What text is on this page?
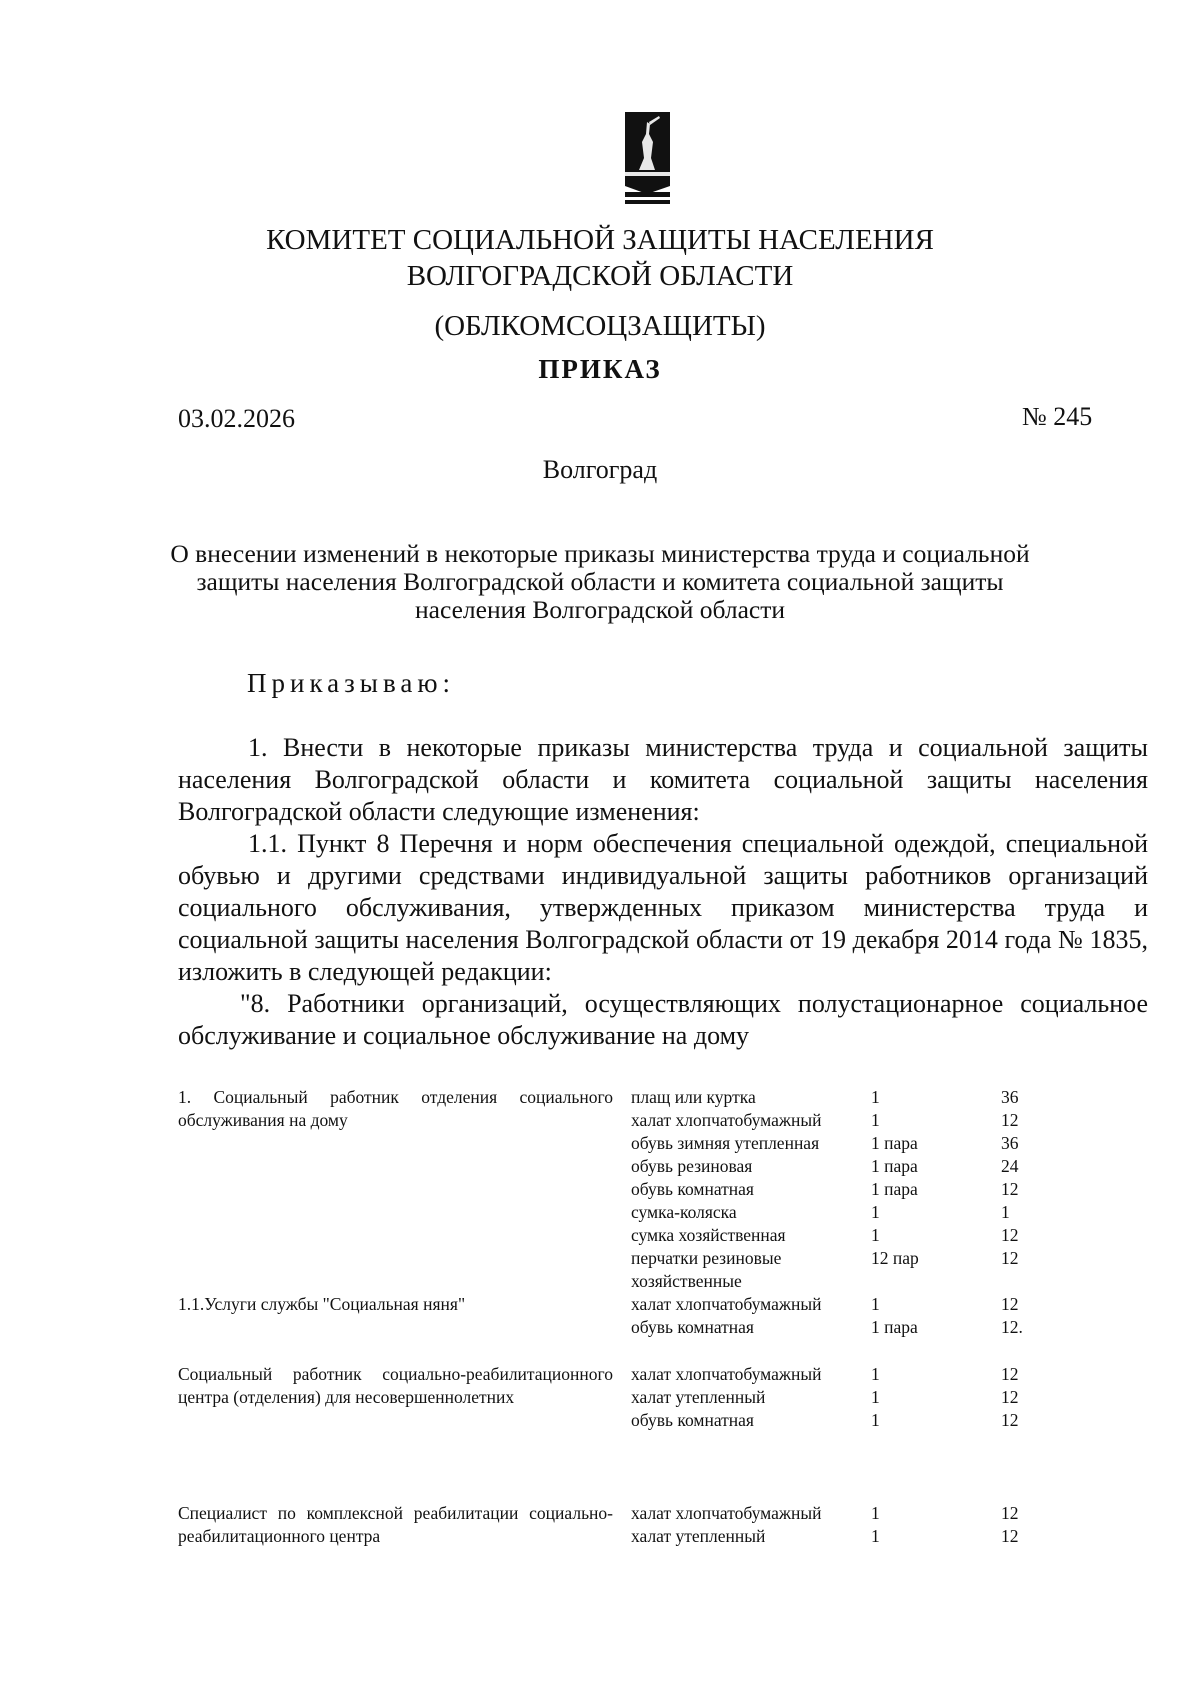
КОМИТЕТ СОЦИАЛЬНОЙ ЗАЩИТЫ НАСЕЛЕНИЯ
ВОЛГОГРАДСКОЙ ОБЛАСТИ
(ОБЛКОМСОЦЗАЩИТЫ)
ПРИКАЗ
03.02.2026	№ 245
Волгоград
О внесении изменений в некоторые приказы министерства труда и социальной
защиты населения Волгоградской области и комитета социальной защиты
населения Волгоградской области
Приказываю:

1. Внести в некоторые приказы министерства труда и социальной защиты населения Волгоградской области и комитета социальной защиты населения Волгоградской области следующие изменения:

1.1. Пункт 8 Перечня и норм обеспечения специальной одеждой, специальной обувью и другими средствами индивидуальной защиты работников организаций социального обслуживания, утвержденных приказом министерства труда и социальной защиты населения Волгоградской области от 19 декабря 2014 года № 1835, изложить в следующей редакции:

"8. Работники организаций, осуществляющих полустационарное социальное обслуживание и социальное обслуживание на дому

1. Социальный работник отделения социального обслуживания на дому	плащ или куртка	1	36
	халат хлопчатобумажный	1	12
	обувь зимняя утепленная	1 пара	36
	обувь резиновая	1 пара	24
	обувь комнатная	1 пара	12
	сумка-коляска	1	1
	сумка хозяйственная	1	12
	перчатки резиновые хозяйственные	12 пар	12
1.1.Услуги службы "Социальная няня"	халат хлопчатобумажный	1	12
	обувь комнатная	1 пара	12.

Социальный работник социально-реабилитационного центра (отделения) для несовершеннолетних	халат хлопчатобумажный	1	12
	халат утепленный	1	12
	обувь комнатная	1	12

Специалист по комплексной реабилитации социально-реабилитационного центра	халат хлопчатобумажный	1	12
	халат утепленный	1	12
